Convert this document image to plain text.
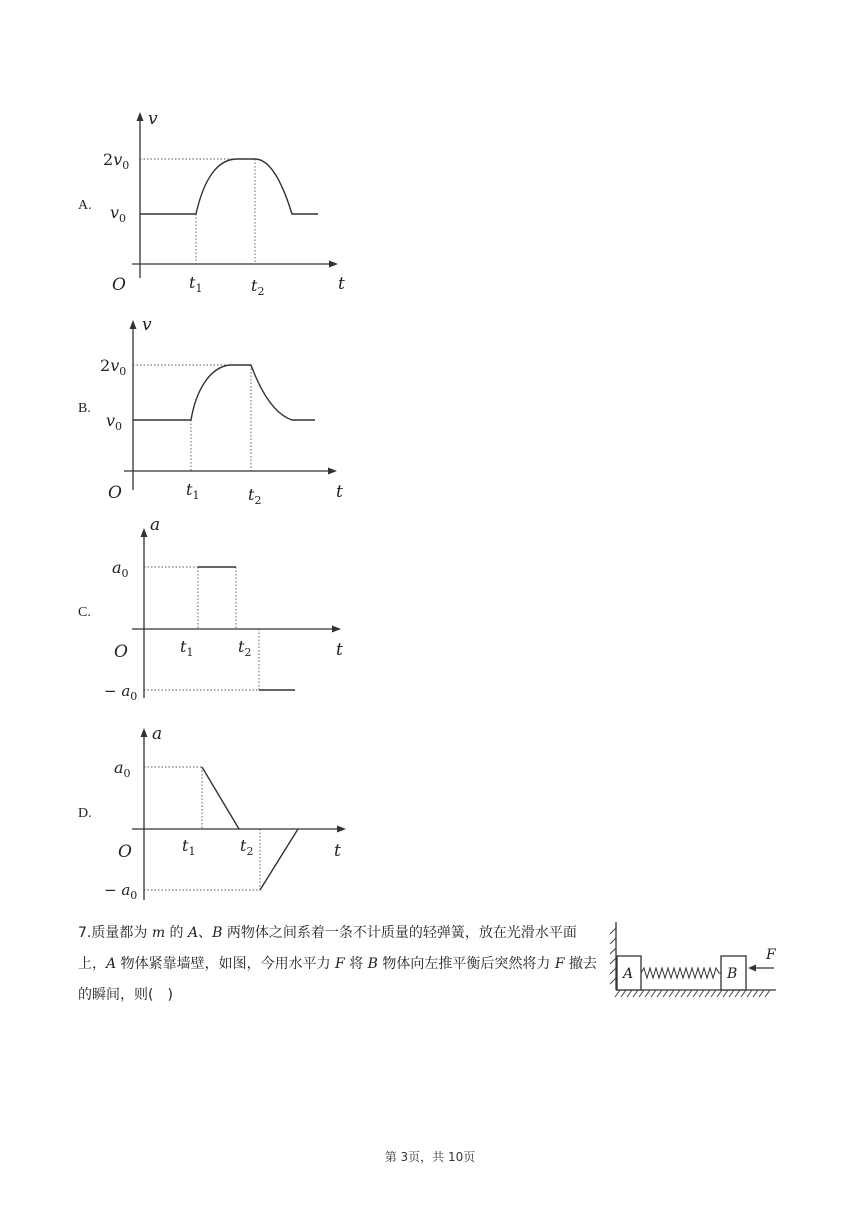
A.
v
t
O
$2v_0$
$v_0$
$t_1$	$t_2$
B.
v
t
O
$2v_0$
$v_0$
$t_1$	$t_2$
C.
a
t
O
$a_0$
− $a_0$
$t_1$	$t_2$
D.
a
t
O
$a_0$
− $a_0$
$t_1$	$t_2$
7.质量都为 m 的 A、B 两物体之间系着一条不计质量的轻弹簧，放在光滑水平面上，A 物体紧靠墙壁，如图，今用水平力 F 将 B 物体向左推平衡后突然将力 F 撤去的瞬间，则(　)
A	B
F
第 3页，共 10页
